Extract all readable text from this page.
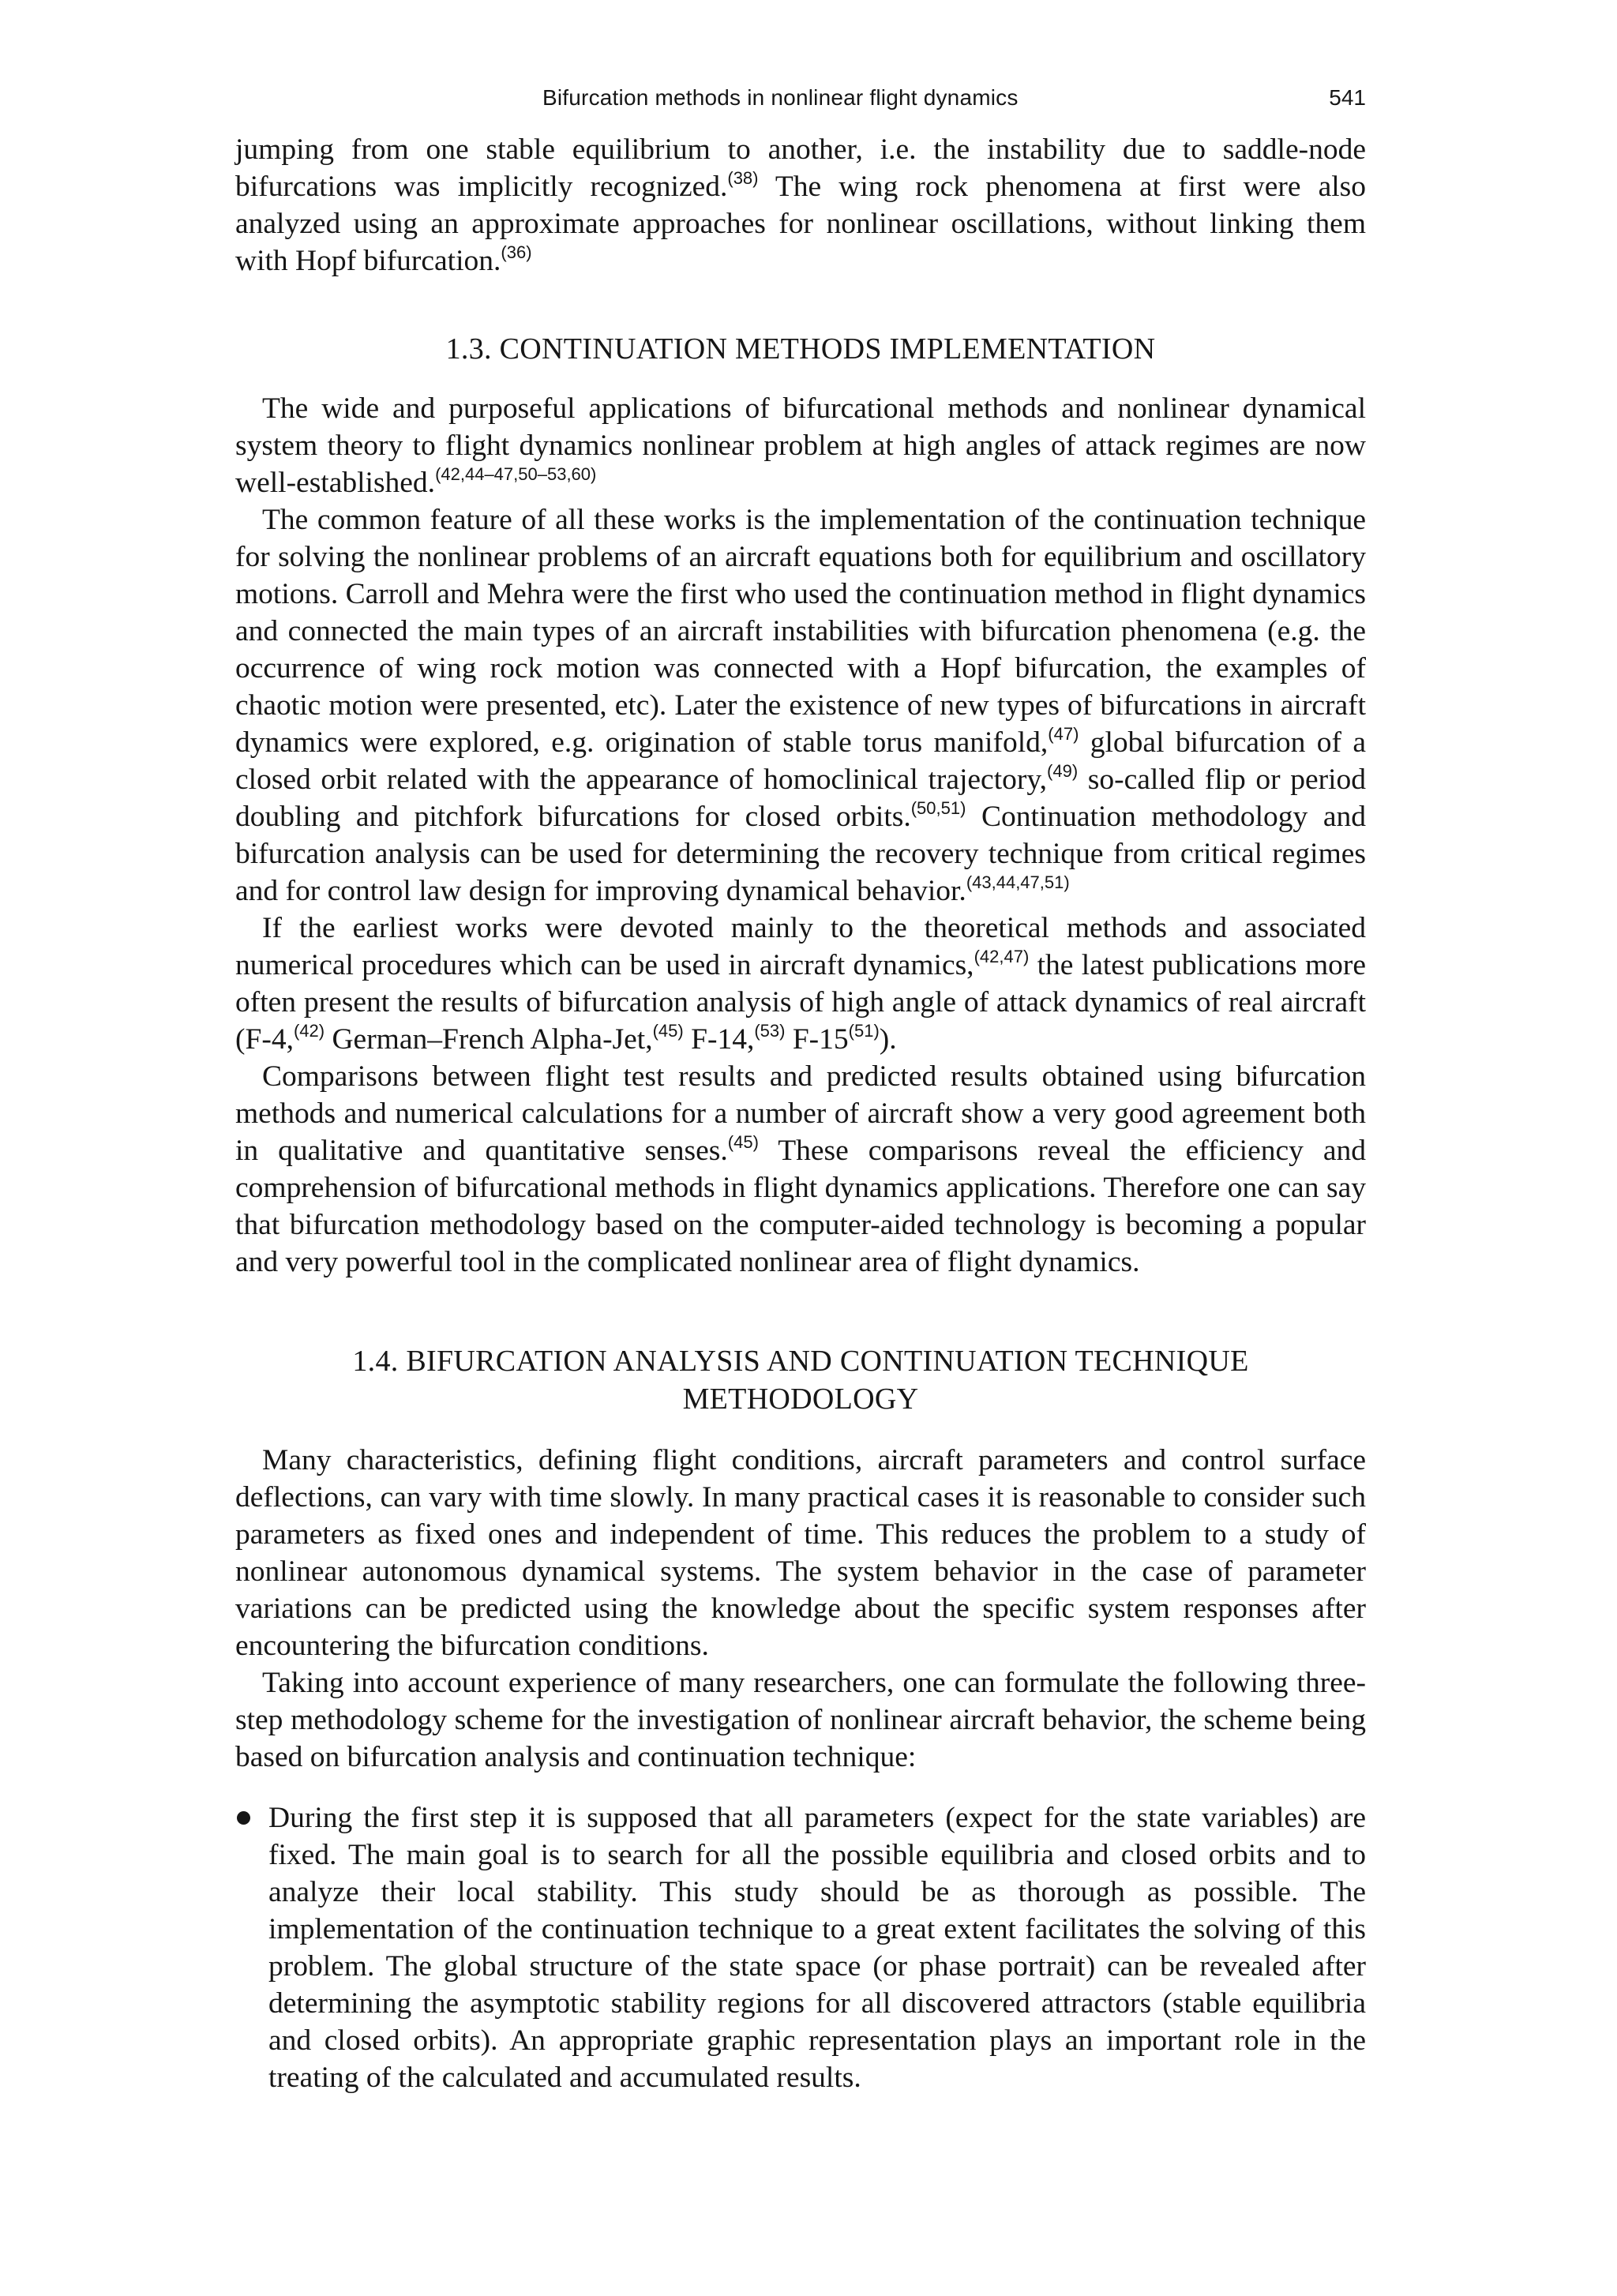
Bifurcation methods in nonlinear flight dynamics	541

jumping from one stable equilibrium to another, i.e. the instability due to saddle-node bifurcations was implicitly recognized.$^{(38)}$ The wing rock phenomena at first were also analyzed using an approximate approaches for nonlinear oscillations, without linking them with Hopf bifurcation.$^{(36)}$

1.3. CONTINUATION METHODS IMPLEMENTATION

The wide and purposeful applications of bifurcational methods and nonlinear dynamical system theory to flight dynamics nonlinear problem at high angles of attack regimes are now well-established.$^{(42,44-47,50-53,60)}$

The common feature of all these works is the implementation of the continuation technique for solving the nonlinear problems of an aircraft equations both for equilibrium and oscillatory motions. Carroll and Mehra were the first who used the continuation method in flight dynamics and connected the main types of an aircraft instabilities with bifurcation phenomena (e.g. the occurrence of wing rock motion was connected with a Hopf bifurcation, the examples of chaotic motion were presented, etc). Later the existence of new types of bifurcations in aircraft dynamics were explored, e.g. origination of stable torus manifold,$^{(47)}$ global bifurcation of a closed orbit related with the appearance of homoclinical trajectory,$^{(49)}$ so-called flip or period doubling and pitchfork bifurcations for closed orbits.$^{(50,51)}$ Continuation methodology and bifurcation analysis can be used for determining the recovery technique from critical regimes and for control law design for improving dynamical behavior.$^{(43,44,47,51)}$

If the earliest works were devoted mainly to the theoretical methods and associated numerical procedures which can be used in aircraft dynamics,$^{(42,47)}$ the latest publications more often present the results of bifurcation analysis of high angle of attack dynamics of real aircraft (F-4,$^{(42)}$ German–French Alpha-Jet,$^{(45)}$ F-14,$^{(53)}$ F-15$^{(51)}$).

Comparisons between flight test results and predicted results obtained using bifurcation methods and numerical calculations for a number of aircraft show a very good agreement both in qualitative and quantitative senses.$^{(45)}$ These comparisons reveal the efficiency and comprehension of bifurcational methods in flight dynamics applications. Therefore one can say that bifurcation methodology based on the computer-aided technology is becoming a popular and very powerful tool in the complicated nonlinear area of flight dynamics.

1.4. BIFURCATION ANALYSIS AND CONTINUATION TECHNIQUE
METHODOLOGY

Many characteristics, defining flight conditions, aircraft parameters and control surface deflections, can vary with time slowly. In many practical cases it is reasonable to consider such parameters as fixed ones and independent of time. This reduces the problem to a study of nonlinear autonomous dynamical systems. The system behavior in the case of parameter variations can be predicted using the knowledge about the specific system responses after encountering the bifurcation conditions.

Taking into account experience of many researchers, one can formulate the following three-step methodology scheme for the investigation of nonlinear aircraft behavior, the scheme being based on bifurcation analysis and continuation technique:

During the first step it is supposed that all parameters (expect for the state variables) are fixed. The main goal is to search for all the possible equilibria and closed orbits and to analyze their local stability. This study should be as thorough as possible. The implementation of the continuation technique to a great extent facilitates the solving of this problem. The global structure of the state space (or phase portrait) can be revealed after determining the asymptotic stability regions for all discovered attractors (stable equilibria and closed orbits). An appropriate graphic representation plays an important role in the treating of the calculated and accumulated results.
